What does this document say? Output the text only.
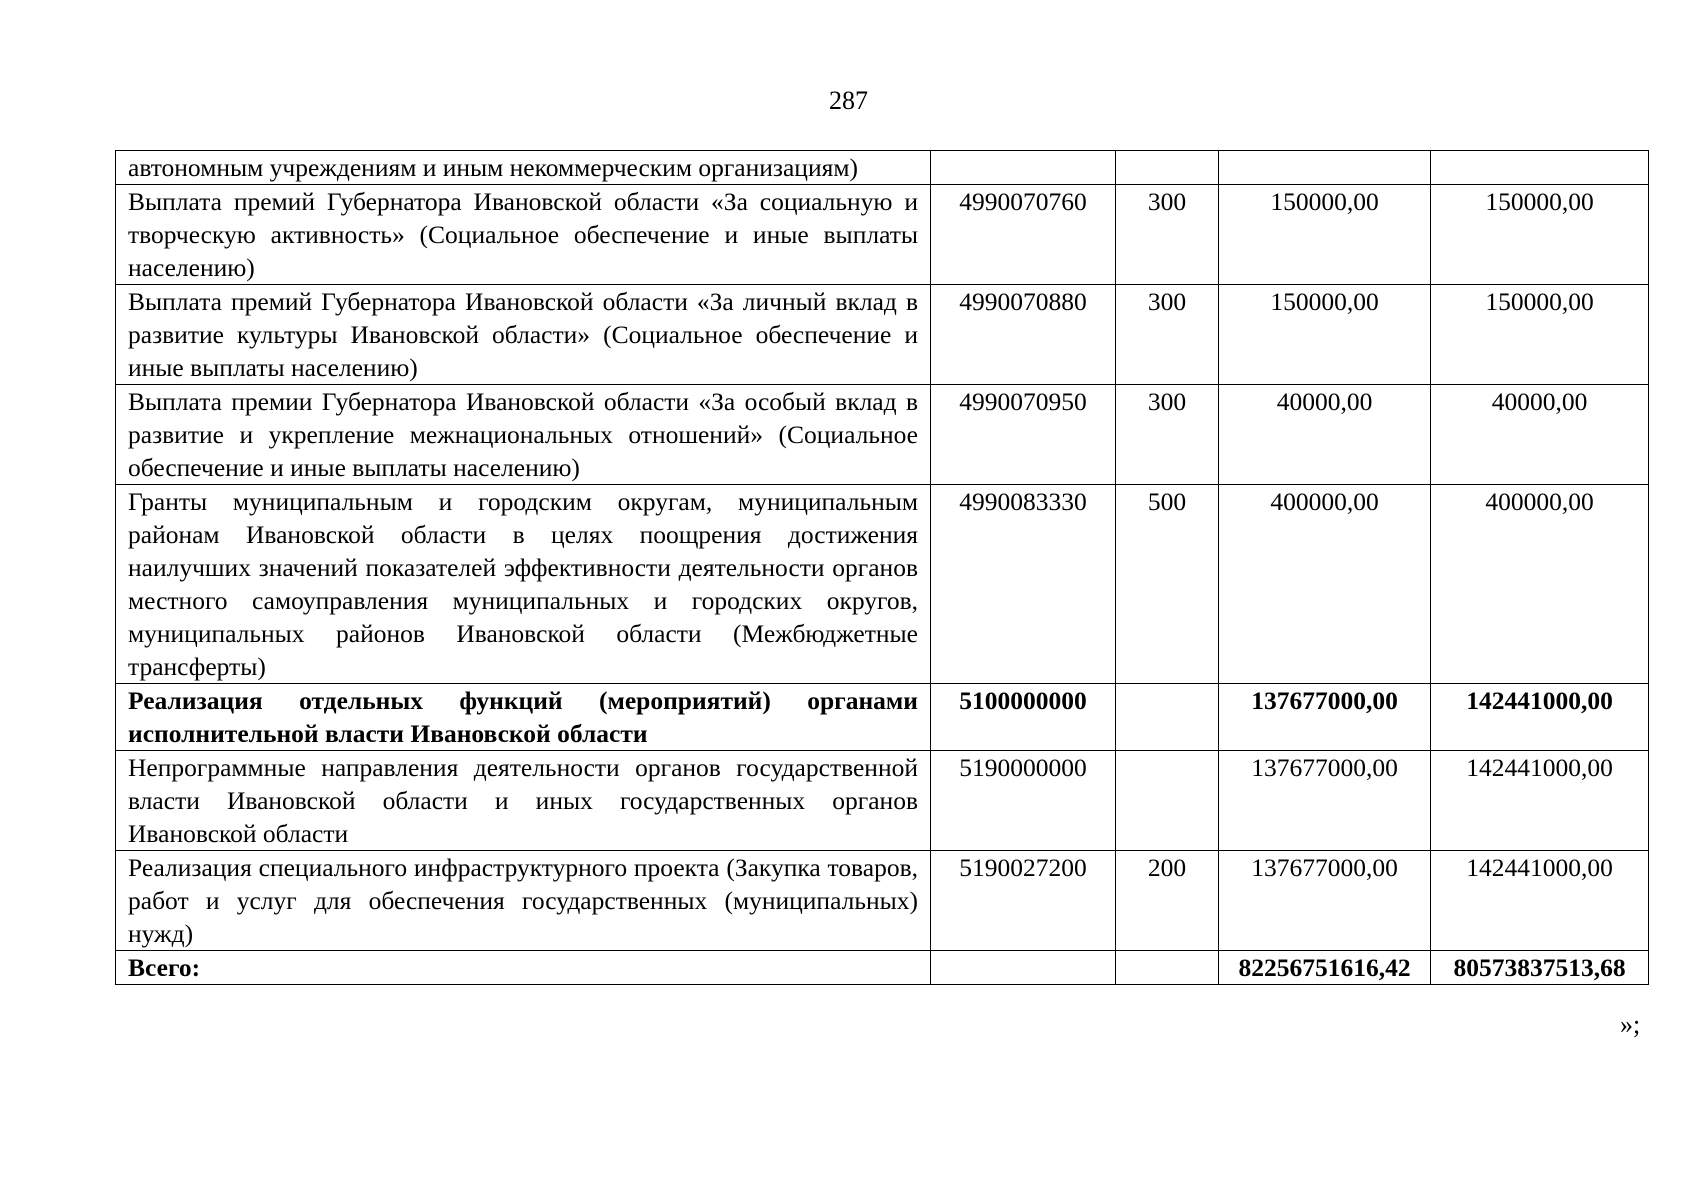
287
автономным учреждениям и иным некоммерческим организациям)				
Выплата премий Губернатора Ивановской области «За социальную и творческую активность» (Социальное обеспечение и иные выплаты населению)	4990070760	300	150000,00	150000,00
Выплата премий Губернатора Ивановской области «За личный вклад в развитие культуры Ивановской области» (Социальное обеспечение и иные выплаты населению)	4990070880	300	150000,00	150000,00
Выплата премии Губернатора Ивановской области «За особый вклад в развитие и укрепление межнациональных отношений» (Социальное обеспечение и иные выплаты населению)	4990070950	300	40000,00	40000,00
Гранты муниципальным и городским округам, муниципальным районам Ивановской области в целях поощрения достижения наилучших значений показателей эффективности деятельности органов местного самоуправления муниципальных и городских округов, муниципальных районов Ивановской области (Межбюджетные трансферты)	4990083330	500	400000,00	400000,00
Реализация отдельных функций (мероприятий) органами исполнительной власти Ивановской области	5100000000		137677000,00	142441000,00
Непрограммные направления деятельности органов государственной власти Ивановской области и иных государственных органов Ивановской области	5190000000		137677000,00	142441000,00
Реализация специального инфраструктурного проекта (Закупка товаров, работ и услуг для обеспечения государственных (муниципальных) нужд)	5190027200	200	137677000,00	142441000,00
Всего:			82256751616,42	80573837513,68
»;
